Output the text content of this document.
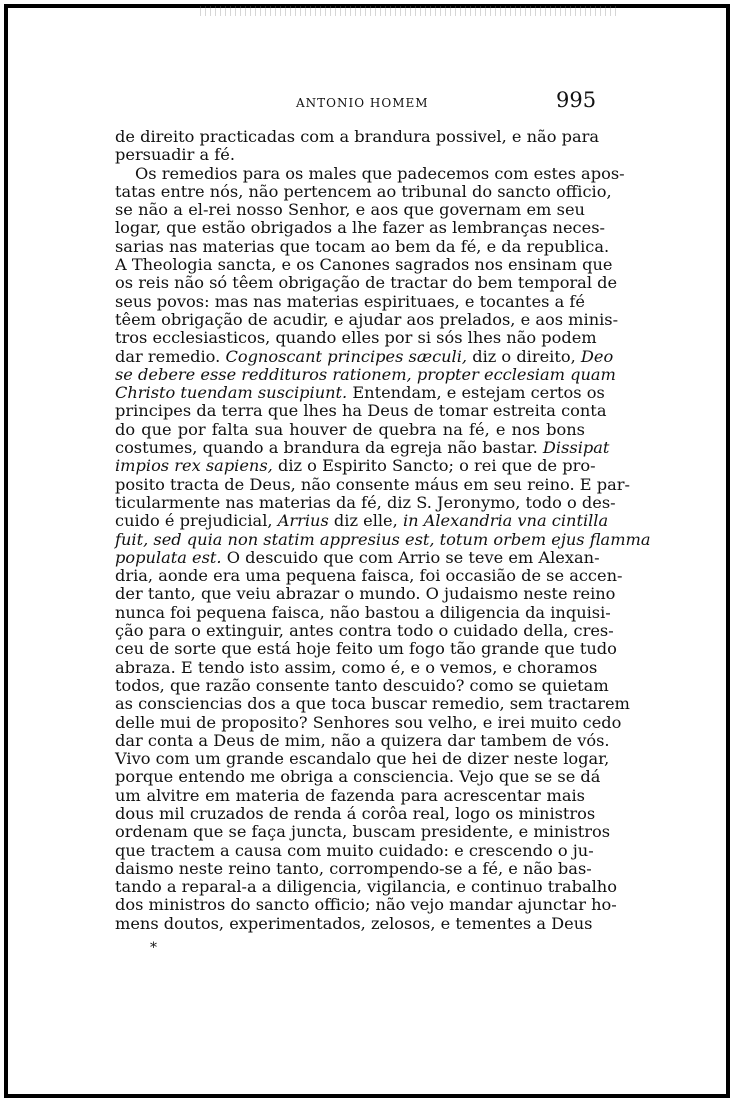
ANTONIO HOMEM	995
de direito practicadas com a brandura possivel, e não para
persuadir a fé.
Os remedios para os males que padecemos com estes apos-
tatas entre nós, não pertencem ao tribunal do sancto officio,
se não a el-rei nosso Senhor, e aos que governam em seu
logar, que estão obrigados a lhe fazer as lembranças neces-
sarias nas materias que tocam ao bem da fé, e da republica.
A Theologia sancta, e os Canones sagrados nos ensinam que
os reis não só têem obrigação de tractar do bem temporal de
seus povos: mas nas materias espirituaes, e tocantes a fé
têem obrigação de acudir, e ajudar aos prelados, e aos minis-
tros ecclesiasticos, quando elles por si sós lhes não podem
dar remedio. Cognoscant principes sæculi, diz o direito, Deo
se debere esse reddituros rationem, propter ecclesiam quam
Christo tuendam suscipiunt. Entendam, e estejam certos os
principes da terra que lhes ha Deus de tomar estreita conta
do que por falta sua houver de quebra na fé, e nos bons
costumes, quando a brandura da egreja não bastar. Dissipat
impios rex sapiens, diz o Espirito Sancto; o rei que de pro-
posito tracta de Deus, não consente máus em seu reino. E par-
ticularmente nas materias da fé, diz S. Jeronymo, todo o des-
cuido é prejudicial, Arrius diz elle, in Alexandria vna cintilla
fuit, sed quia non statim appresius est, totum orbem ejus flamma
populata est. O descuido que com Arrio se teve em Alexan-
dria, aonde era uma pequena faisca, foi occasião de se accen-
der tanto, que veiu abrazar o mundo. O judaismo neste reino
nunca foi pequena faisca, não bastou a diligencia da inquisi-
ção para o extinguir, antes contra todo o cuidado della, cres-
ceu de sorte que está hoje feito um fogo tão grande que tudo
abraza. E tendo isto assim, como é, e o vemos, e choramos
todos, que razão consente tanto descuido? como se quietam
as consciencias dos a que toca buscar remedio, sem tractarem
delle mui de proposito? Senhores sou velho, e irei muito cedo
dar conta a Deus de mim, não a quizera dar tambem de vós.
Vivo com um grande escandalo que hei de dizer neste logar,
porque entendo me obriga a consciencia. Vejo que se se dá
um alvitre em materia de fazenda para acrescentar mais
dous mil cruzados de renda á corôa real, logo os ministros
ordenam que se faça juncta, buscam presidente, e ministros
que tractem a causa com muito cuidado: e crescendo o ju-
daismo neste reino tanto, corrompendo-se a fé, e não bas-
tando a reparal-a a diligencia, vigilancia, e continuo trabalho
dos ministros do sancto officio; não vejo mandar ajunctar ho-
mens doutos, experimentados, zelosos, e tementes a Deus
*
